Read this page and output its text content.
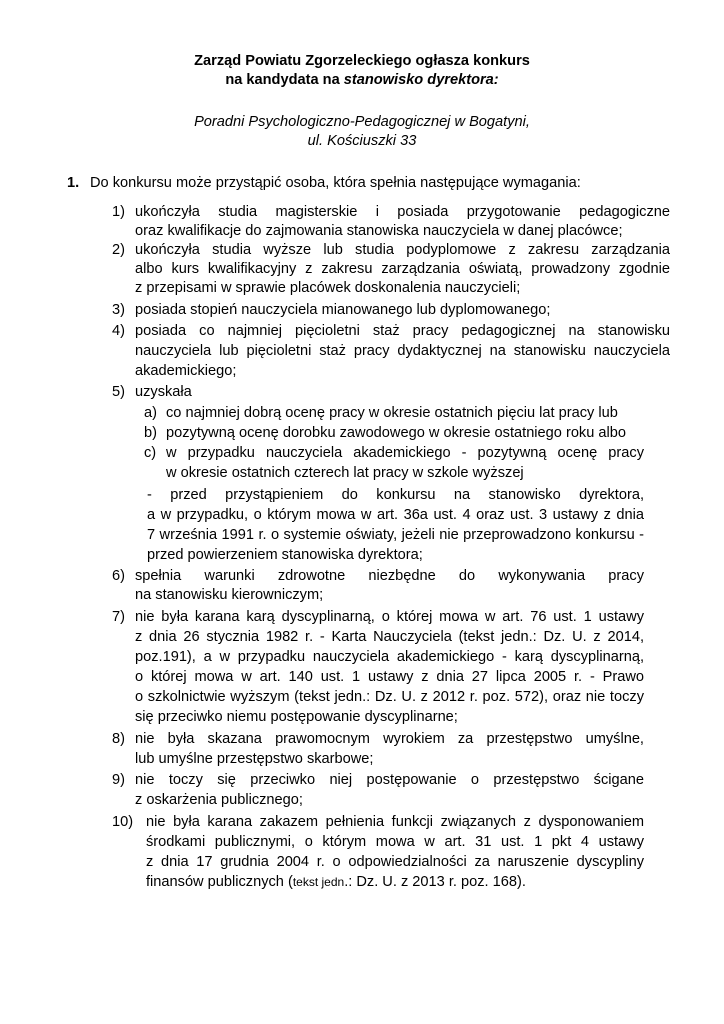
Zarząd Powiatu Zgorzeleckiego ogłasza konkurs
na kandydata na stanowisko dyrektora:
Poradni Psychologiczno-Pedagogicznej w Bogatyni,
ul. Kościuszki 33
1. Do konkursu może przystąpić osoba, która spełnia następujące wymagania:
1) ukończyła studia magisterskie i posiada przygotowanie pedagogiczne
oraz kwalifikacje do zajmowania stanowiska nauczyciela w danej placówce;
2) ukończyła studia wyższe lub studia podyplomowe z zakresu zarządzania
albo kurs kwalifikacyjny z zakresu zarządzania oświatą, prowadzony zgodnie
z przepisami w sprawie placówek doskonalenia nauczycieli;
3) posiada stopień nauczyciela mianowanego lub dyplomowanego;
4) posiada co najmniej pięcioletni staż pracy pedagogicznej na stanowisku
nauczyciela lub pięcioletni staż pracy dydaktycznej na stanowisku nauczyciela
akademickiego;
5) uzyskała
a) co najmniej dobrą ocenę pracy w okresie ostatnich pięciu lat pracy lub
b) pozytywną ocenę dorobku zawodowego w okresie ostatniego roku albo
c) w przypadku nauczyciela akademickiego - pozytywną ocenę pracy
w okresie ostatnich czterech lat pracy w szkole wyższej
- przed przystąpieniem do konkursu na stanowisko dyrektora,
a w przypadku, o którym mowa w art. 36a ust. 4 oraz ust. 3 ustawy z dnia
7 września 1991 r. o systemie oświaty, jeżeli nie przeprowadzono konkursu -
przed powierzeniem stanowiska dyrektora;
6) spełnia warunki zdrowotne niezbędne do wykonywania pracy
na stanowisku kierowniczym;
7) nie była karana karą dyscyplinarną, o której mowa w art. 76 ust. 1 ustawy
z dnia 26 stycznia 1982 r. - Karta Nauczyciela (tekst jedn.: Dz. U. z 2014,
poz.191), a w przypadku nauczyciela akademickiego - karą dyscyplinarną,
o której mowa w art. 140 ust. 1 ustawy z dnia 27 lipca 2005 r. - Prawo
o szkolnictwie wyższym (tekst jedn.: Dz. U. z 2012 r. poz. 572), oraz nie toczy
się przeciwko niemu postępowanie dyscyplinarne;
8) nie była skazana prawomocnym wyrokiem za przestępstwo umyślne,
lub umyślne przestępstwo skarbowe;
9) nie toczy się przeciwko niej postępowanie o przestępstwo ścigane
z oskarżenia publicznego;
10) nie była karana zakazem pełnienia funkcji związanych z dysponowaniem
środkami publicznymi, o którym mowa w art. 31 ust. 1 pkt 4 ustawy
z dnia 17 grudnia 2004 r. o odpowiedzialności za naruszenie dyscypliny
finansów publicznych (tekst jedn.: Dz. U. z 2013 r. poz. 168).
